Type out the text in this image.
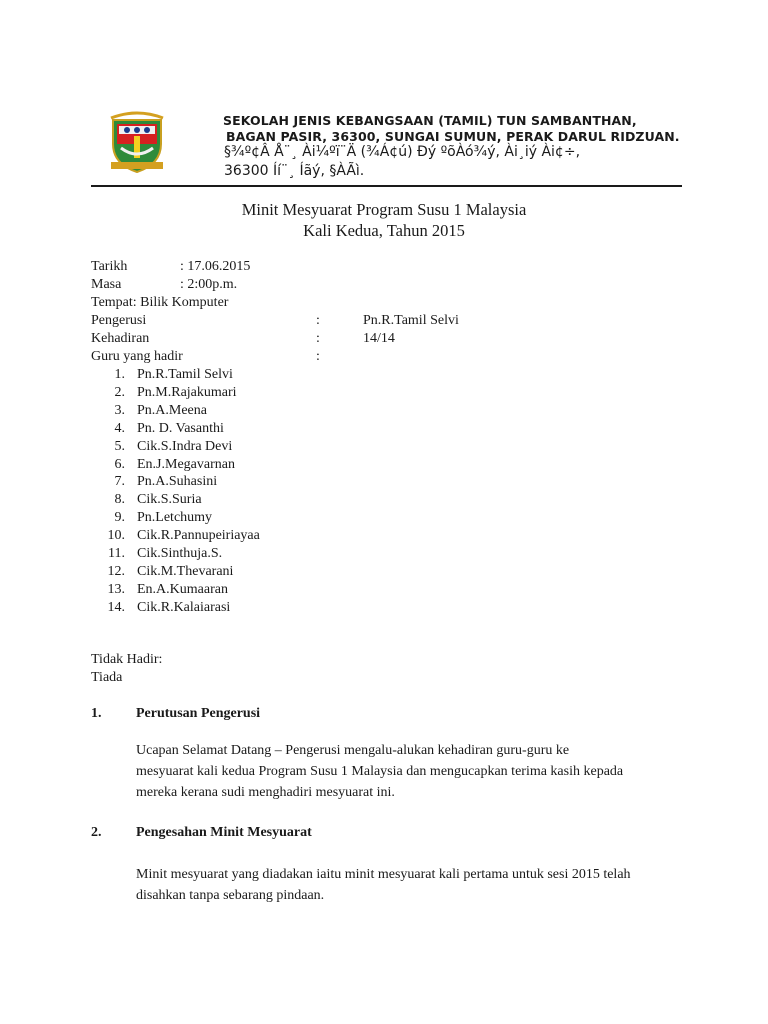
SEKOLAH JENIS KEBANGSAAN (TAMIL) TUN SAMBANTHAN,
BAGAN PASIR, 36300, SUNGAI SUMUN, PERAK DARUL RIDZUAN.
§¾º¢Â Å¨¸ Ài¼ºï¨Ä (¾Á¢ú) Ðý ºõÀó¾ý, Ài¸iý Ài¢÷,
36300 Íí¨¸ Íãý, §ÀÃì.
Minit Mesyuarat Program Susu 1 Malaysia
Kali Kedua, Tahun 2015
Tarikh	: 17.06.2015
Masa	: 2:00p.m.
Tempat: Bilik Komputer
Pengerusi	:	Pn.R.Tamil Selvi
Kehadiran	:	14/14
Guru yang hadir	:
1. Pn.R.Tamil Selvi
2. Pn.M.Rajakumari
3. Pn.A.Meena
4. Pn. D. Vasanthi
5. Cik.S.Indra Devi
6. En.J.Megavarnan
7. Pn.A.Suhasini
8. Cik.S.Suria
9. Pn.Letchumy
10. Cik.R.Pannupeiriayaa
11. Cik.Sinthuja.S.
12. Cik.M.Thevarani
13. En.A.Kumaaran
14. Cik.R.Kalaiarasi
Tidak Hadir:
Tiada
1. Perutusan Pengerusi
Ucapan Selamat Datang – Pengerusi mengalu-alukan kehadiran guru-guru ke
mesyuarat kali kedua Program Susu 1 Malaysia dan mengucapkan terima kasih kepada
mereka kerana sudi menghadiri mesyuarat ini.
2. Pengesahan Minit Mesyuarat
Minit mesyuarat yang diadakan iaitu minit mesyuarat kali pertama untuk sesi 2015 telah
disahkan tanpa sebarang pindaan.
